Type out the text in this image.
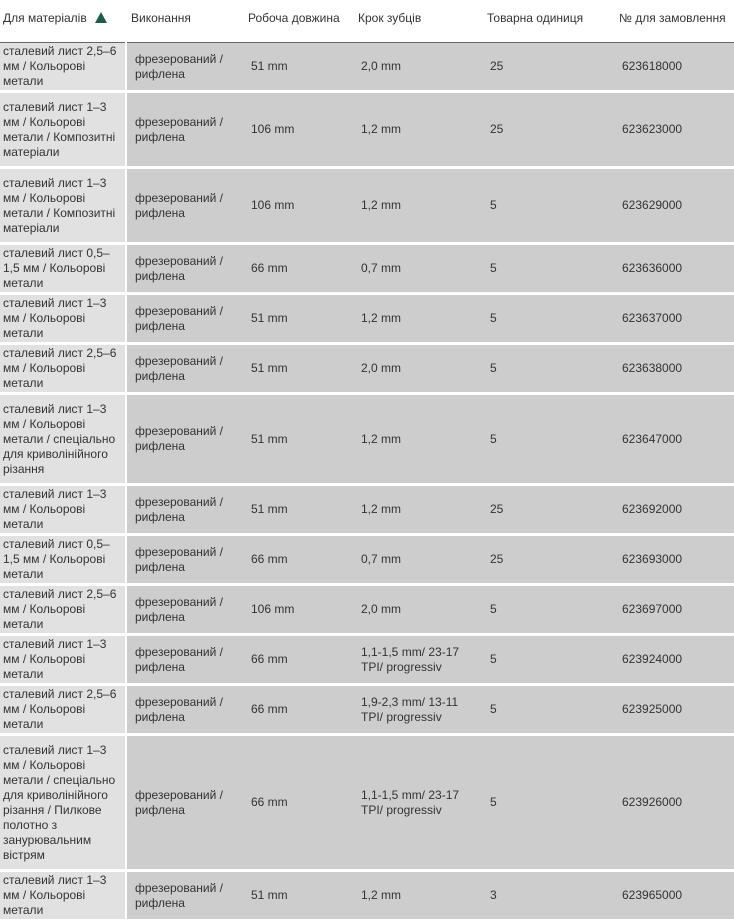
Для матеріалів	Виконання	Робоча довжина	Крок зубців	Товарна одиниця	№ для замовлення

сталевий лист 2,5–6 мм / Кольорові метали	фрезерований / рифлена	51 mm	2,0 mm	25	623618000
сталевий лист 1–3 мм / Кольорові метали / Композитні матеріали	фрезерований / рифлена	106 mm	1,2 mm	25	623623000
сталевий лист 1–3 мм / Кольорові метали / Композитні матеріали	фрезерований / рифлена	106 mm	1,2 mm	5	623629000
сталевий лист 0,5–1,5 мм / Кольорові метали	фрезерований / рифлена	66 mm	0,7 mm	5	623636000
сталевий лист 1–3 мм / Кольорові метали	фрезерований / рифлена	51 mm	1,2 mm	5	623637000
сталевий лист 2,5–6 мм / Кольорові метали	фрезерований / рифлена	51 mm	2,0 mm	5	623638000
сталевий лист 1–3 мм / Кольорові метали / спеціально для криволінійного різання	фрезерований / рифлена	51 mm	1,2 mm	5	623647000
сталевий лист 1–3 мм / Кольорові метали	фрезерований / рифлена	51 mm	1,2 mm	25	623692000
сталевий лист 0,5–1,5 мм / Кольорові метали	фрезерований / рифлена	66 mm	0,7 mm	25	623693000
сталевий лист 2,5–6 мм / Кольорові метали	фрезерований / рифлена	106 mm	2,0 mm	5	623697000
сталевий лист 1–3 мм / Кольорові метали	фрезерований / рифлена	66 mm	1,1-1,5 mm/ 23-17 TPI/ progressiv	5	623924000
сталевий лист 2,5–6 мм / Кольорові метали	фрезерований / рифлена	66 mm	1,9-2,3 mm/ 13-11 TPI/ progressiv	5	623925000
сталевий лист 1–3 мм / Кольорові метали / спеціально для криволінійного різання / Пилкове полотно з занурювальним вістрям	фрезерований / рифлена	66 mm	1,1-1,5 mm/ 23-17 TPI/ progressiv	5	623926000
сталевий лист 1–3 мм / Кольорові метали	фрезерований / рифлена	51 mm	1,2 mm	3	623965000
